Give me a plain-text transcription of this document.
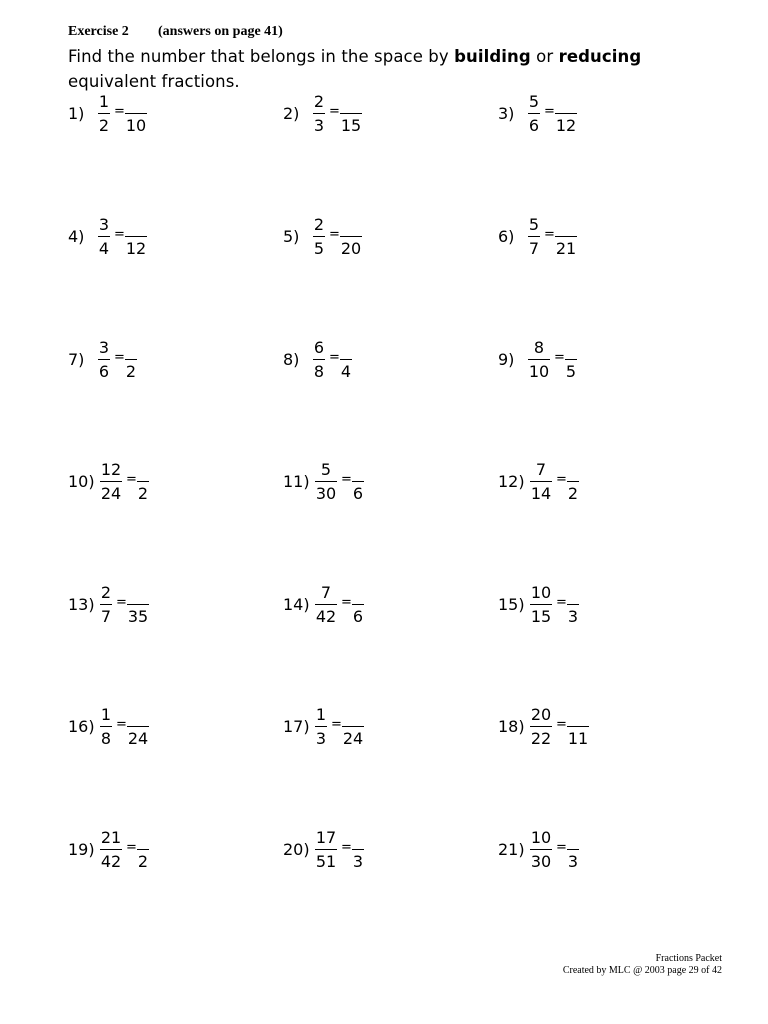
Exercise 2 (answers on page 41)
Find the number that belongs in the space by building or reducing equivalent fractions.
1)
1
2
=
10
2)
2
3
=
15
3)
5
6
=
12
4)
3
4
=
12
5)
2
5
=
20
6)
5
7
=
21
7)
3
6
=
2
8)
6
8
=
4
9)
8
10
=
5
10)
12
24
=
2
11)
5
30
=
6
12)
7
14
=
2
13)
2
7
=
35
14)
7
42
=
6
15)
10
15
=
3
16)
1
8
=
24
17)
1
3
=
24
18)
20
22
=
11
19)
21
42
=
2
20)
17
51
=
3
21)
10
30
=
3
Fractions Packet
Created by MLC @ 2003 page 29 of 42
